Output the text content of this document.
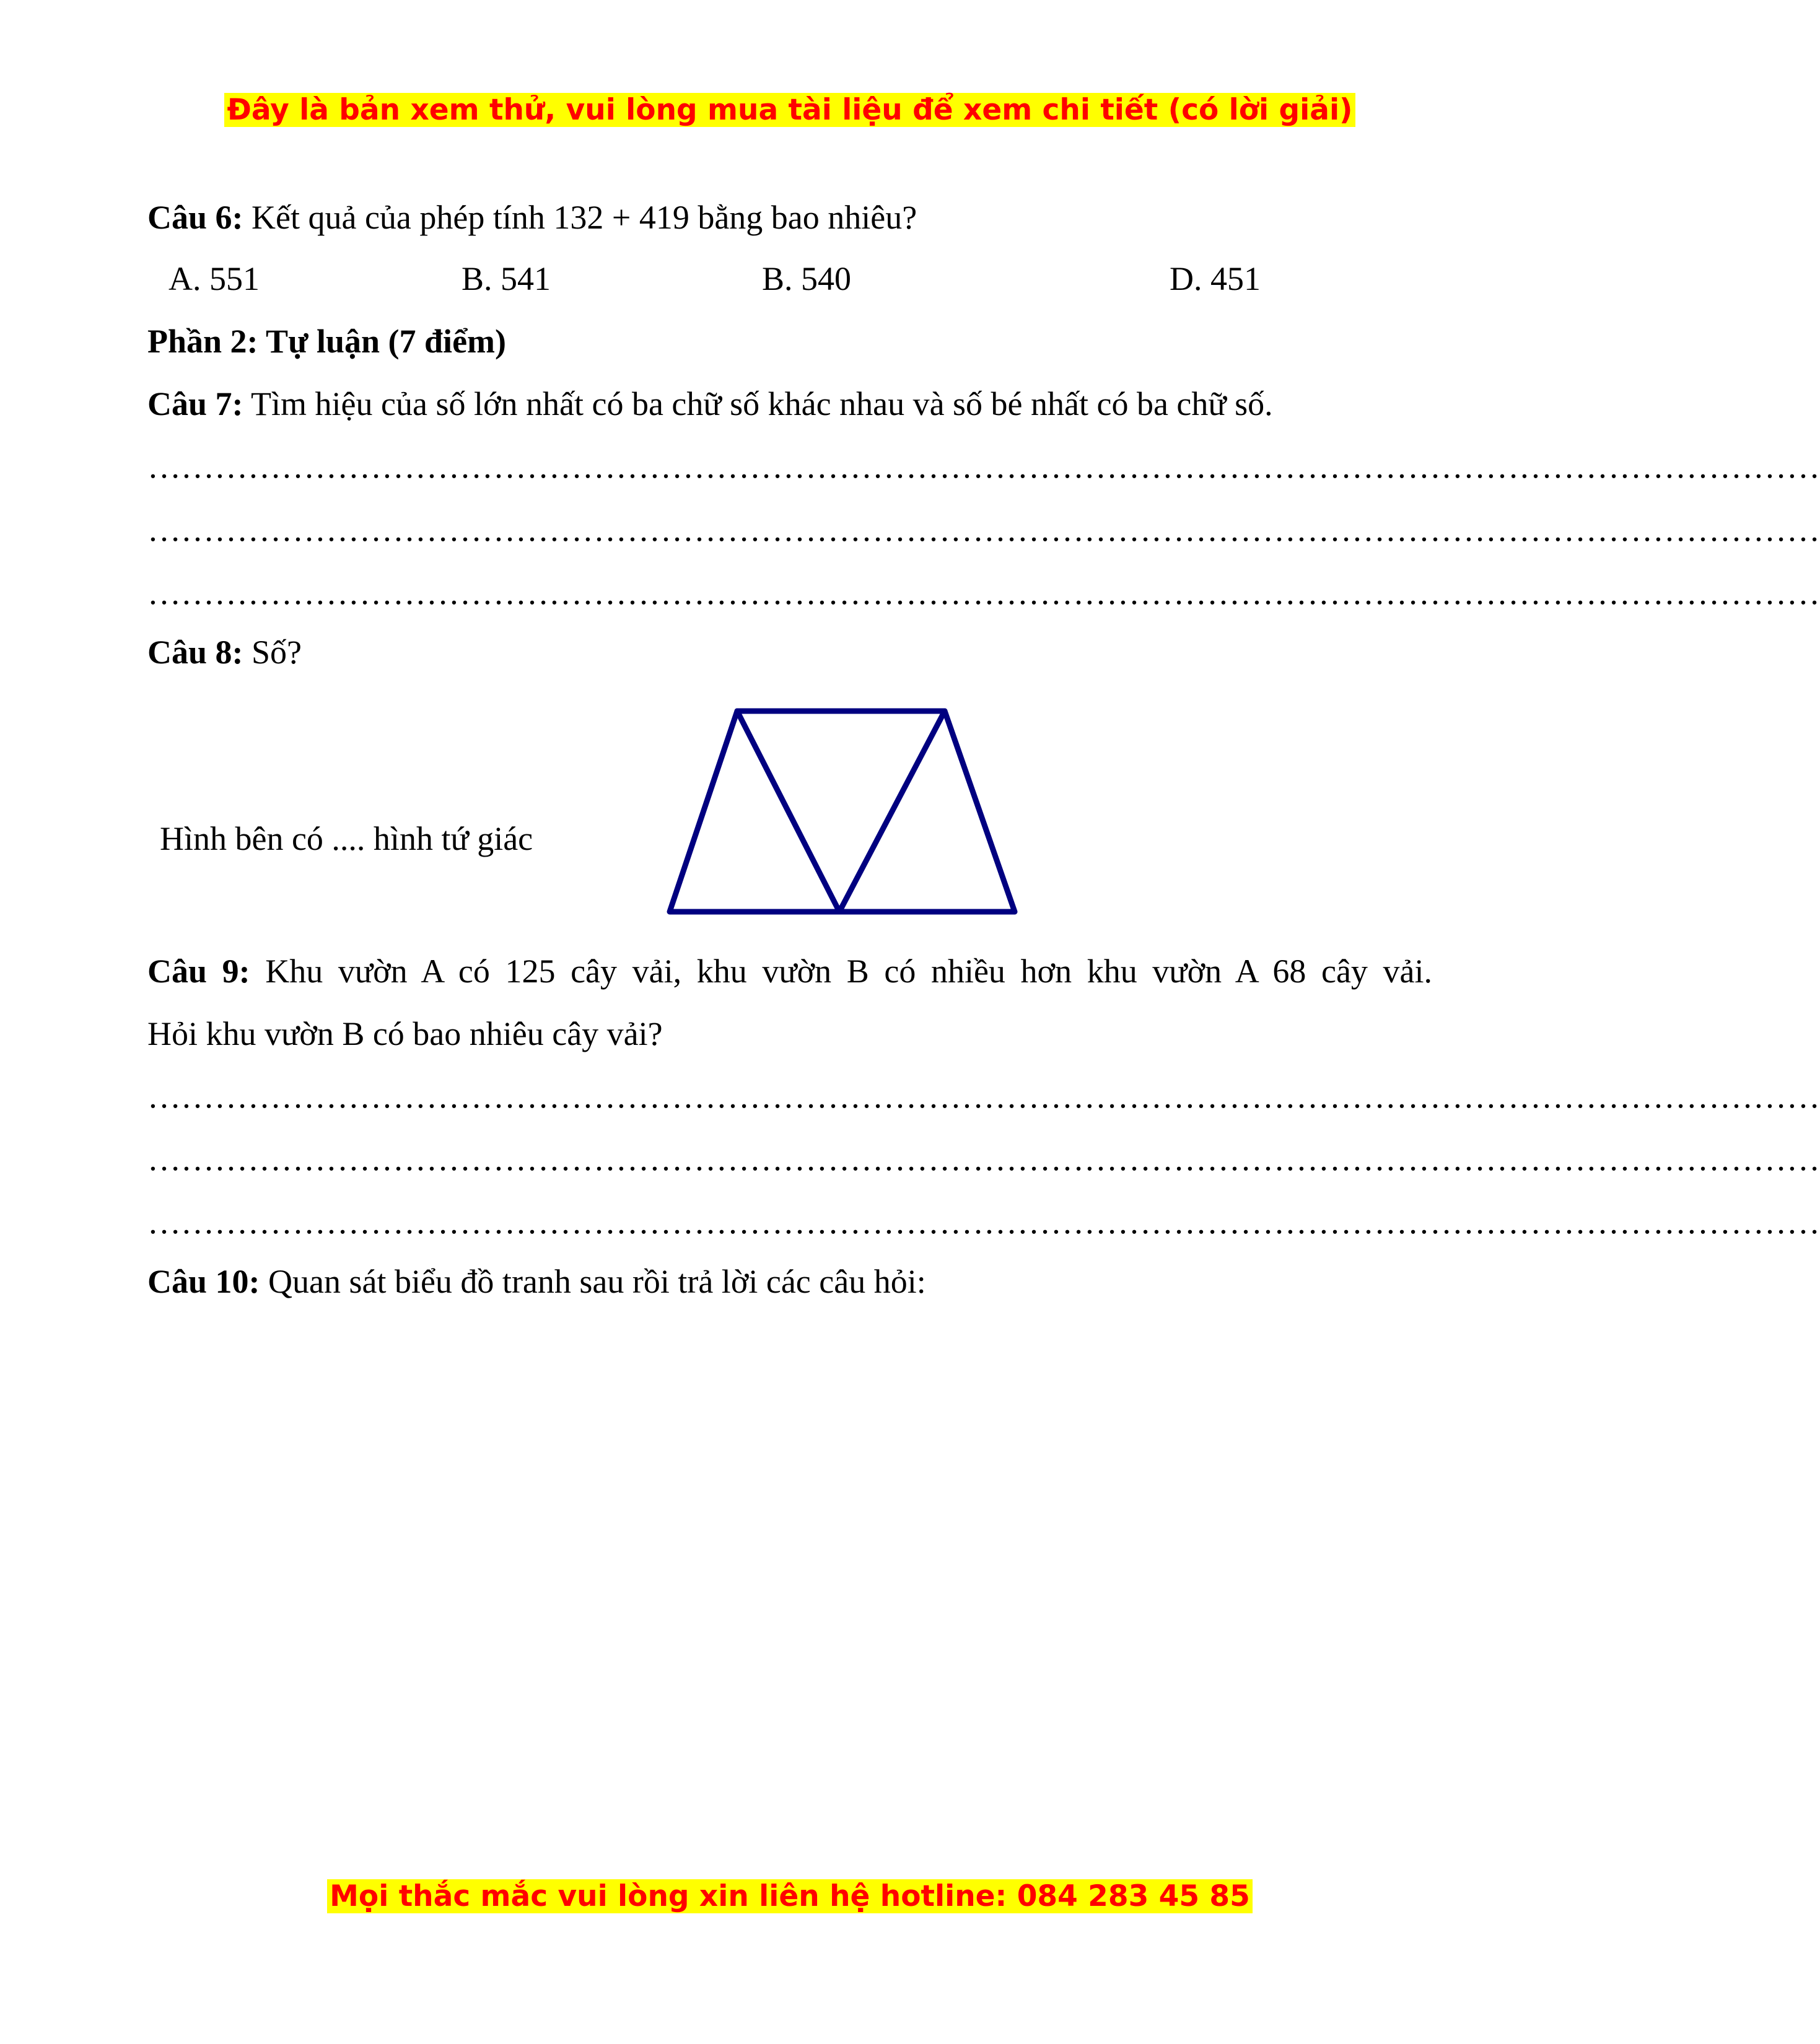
Đây là bản xem thử, vui lòng mua tài liệu để xem chi tiết (có lời giải)
Câu 6: Kết quả của phép tính 132 + 419 bằng bao nhiêu?
A. 551	B. 541	B. 540	D. 451
Phần 2: Tự luận (7 điểm)
Câu 7: Tìm hiệu của số lớn nhất có ba chữ số khác nhau và số bé nhất có ba chữ số.
……………………………………………………………………………………………………………………………………
……………………………………………………………………………………………………………………………………
……………………………………………………………………………………………………………………………………
Câu 8: Số?
Hình bên có .... hình tứ giác
Câu 9: Khu vườn A có 125 cây vải, khu vườn B có nhiều hơn khu vườn A 68 cây vải.
Hỏi khu vườn B có bao nhiêu cây vải?
……………………………………………………………………………………………………………………………………
……………………………………………………………………………………………………………………………………
……………………………………………………………………………………………………………………………………
Câu 10: Quan sát biểu đồ tranh sau rồi trả lời các câu hỏi:
Mọi thắc mắc vui lòng xin liên hệ hotline: 084 283 45 85
